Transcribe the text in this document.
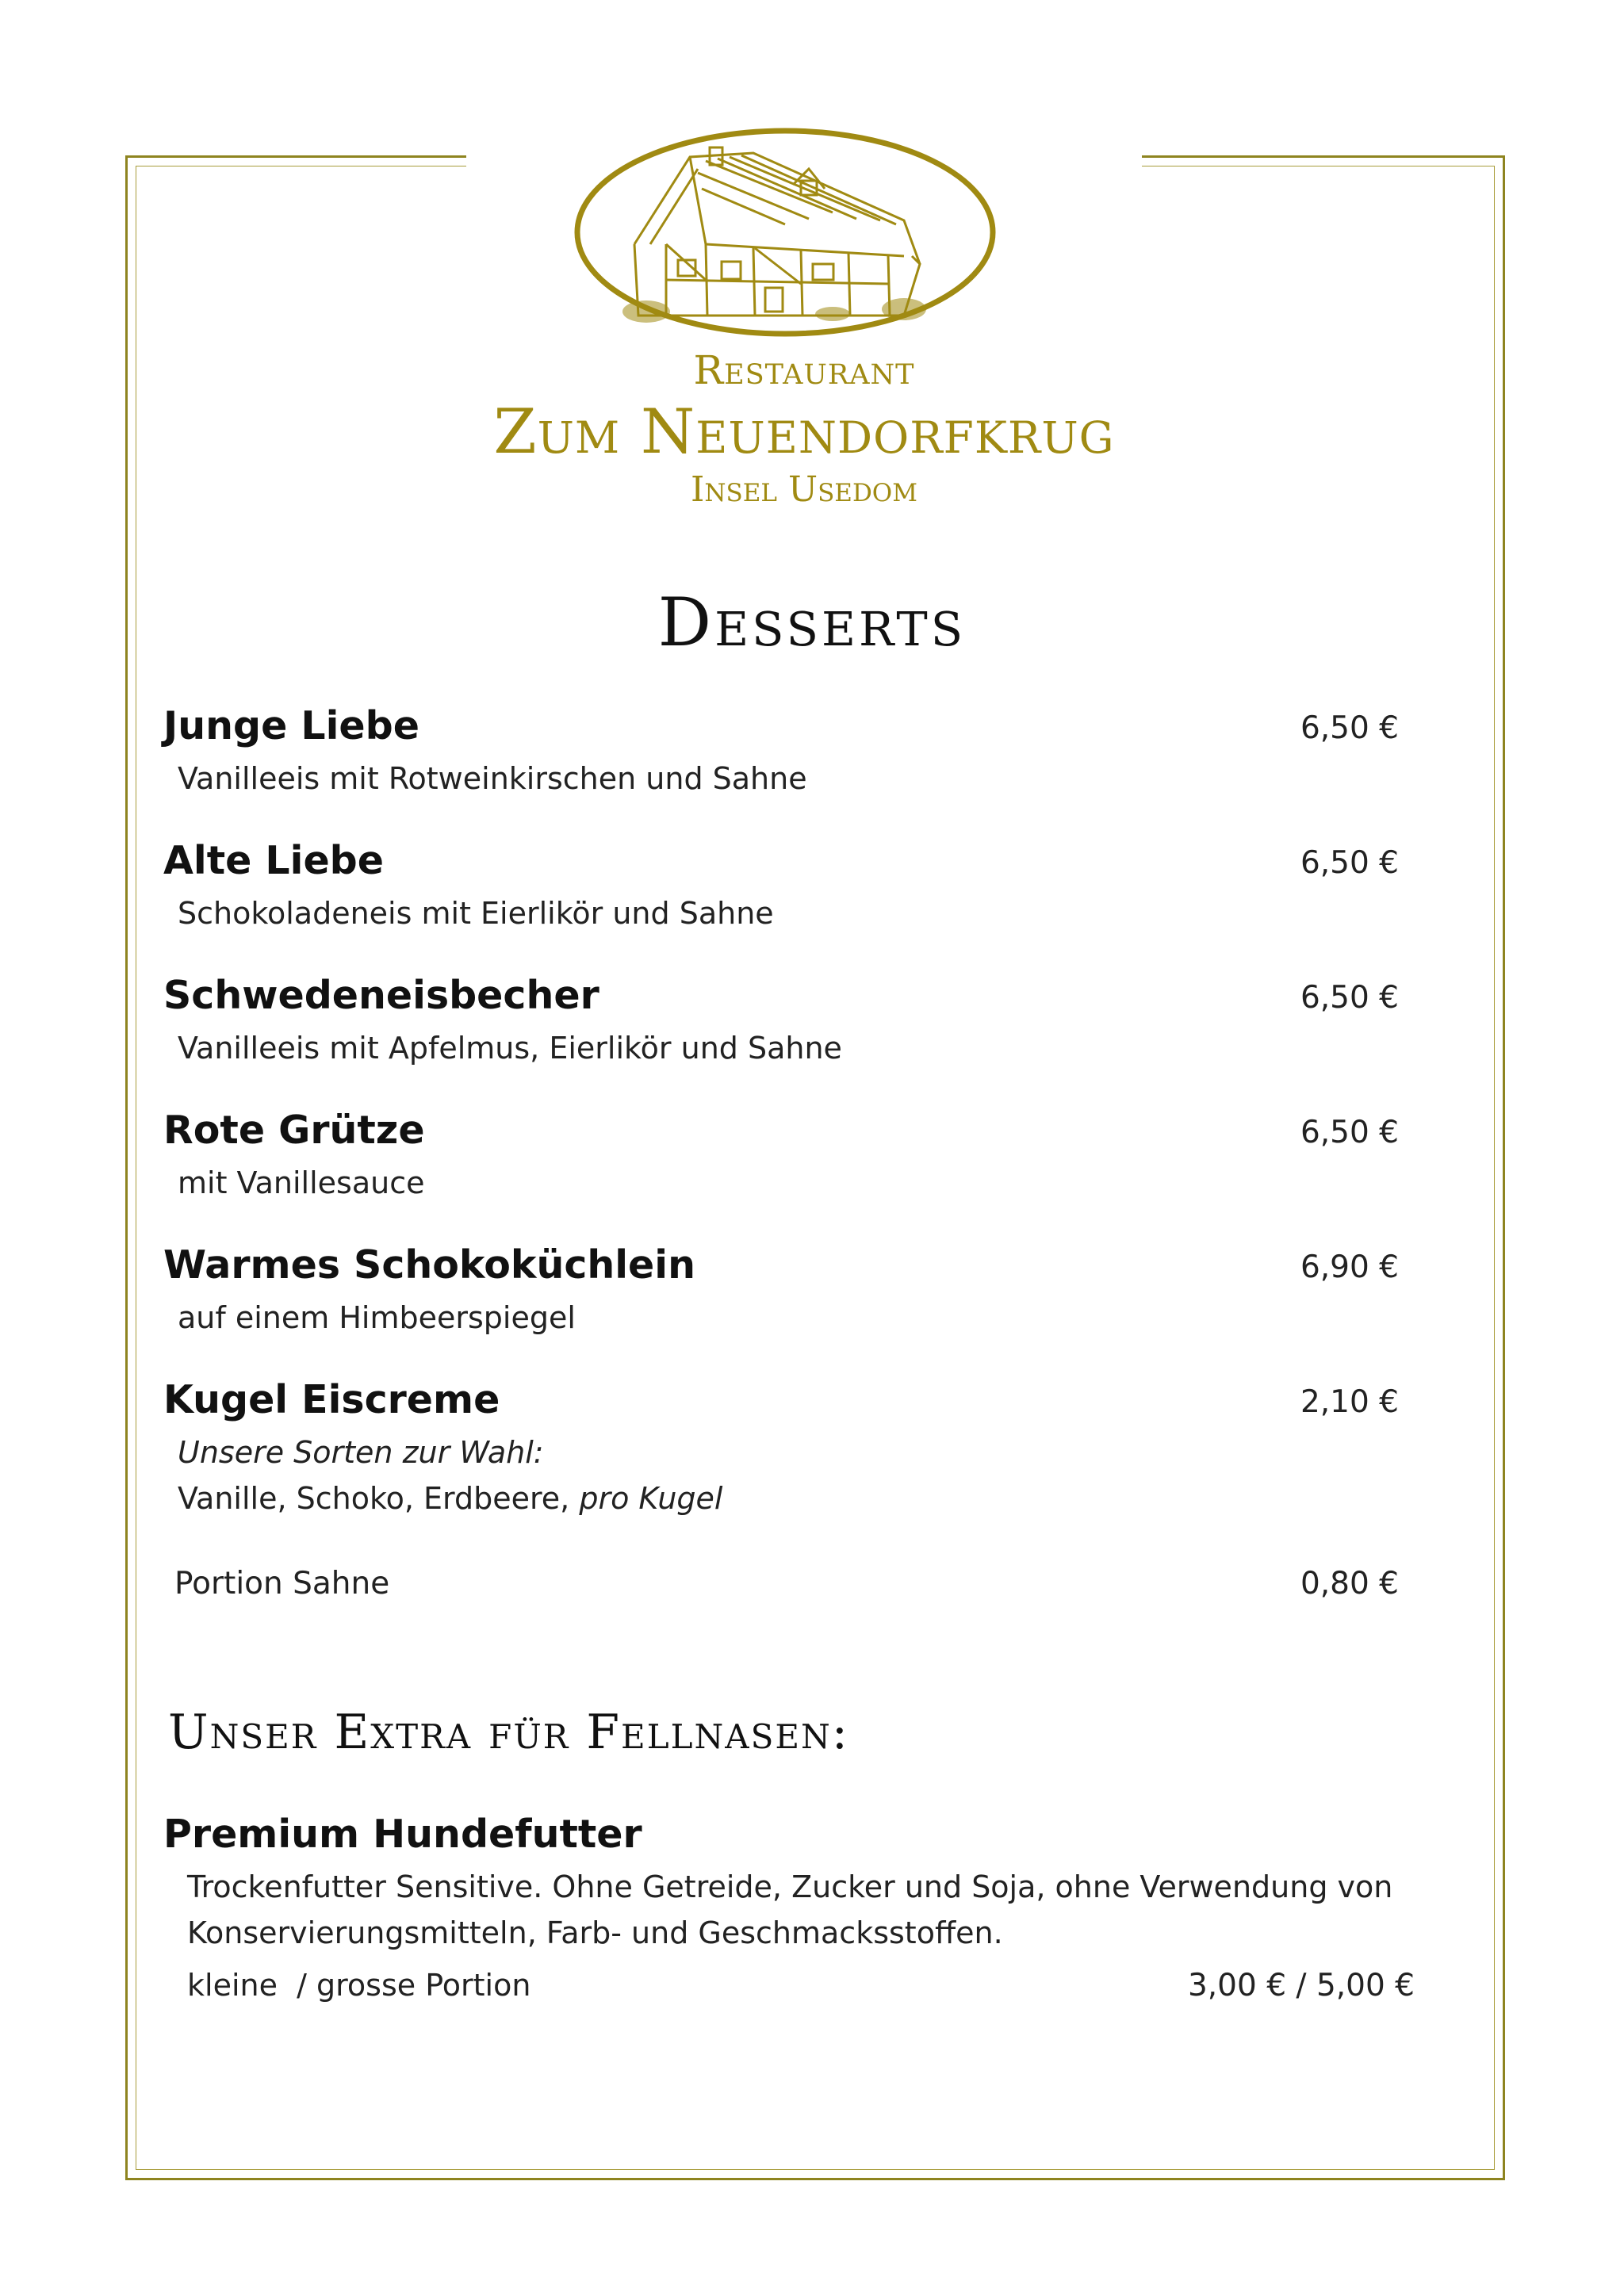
Restaurant
Zum Neuendorfkrug
Insel Usedom
Desserts
Junge Liebe	6,50 €
Vanilleeis mit Rotweinkirschen und Sahne
Alte Liebe	6,50 €
Schokoladeneis mit Eierlikör und Sahne
Schwedeneisbecher	6,50 €
Vanilleeis mit Apfelmus, Eierlikör und Sahne
Rote Grütze	6,50 €
mit Vanillesauce
Warmes Schokoküchlein	6,90 €
auf einem Himbeerspiegel
Kugel Eiscreme	2,10 €
Unsere Sorten zur Wahl:
Vanille, Schoko, Erdbeere, pro Kugel
Portion Sahne	0,80 €
Unser Extra für Fellnasen:
Premium Hundefutter
Trockenfutter Sensitive. Ohne Getreide, Zucker und Soja, ohne Verwendung von
Konservierungsmitteln, Farb- und Geschmacksstoffen.
kleine  / grosse Portion	3,00 € / 5,00 €
